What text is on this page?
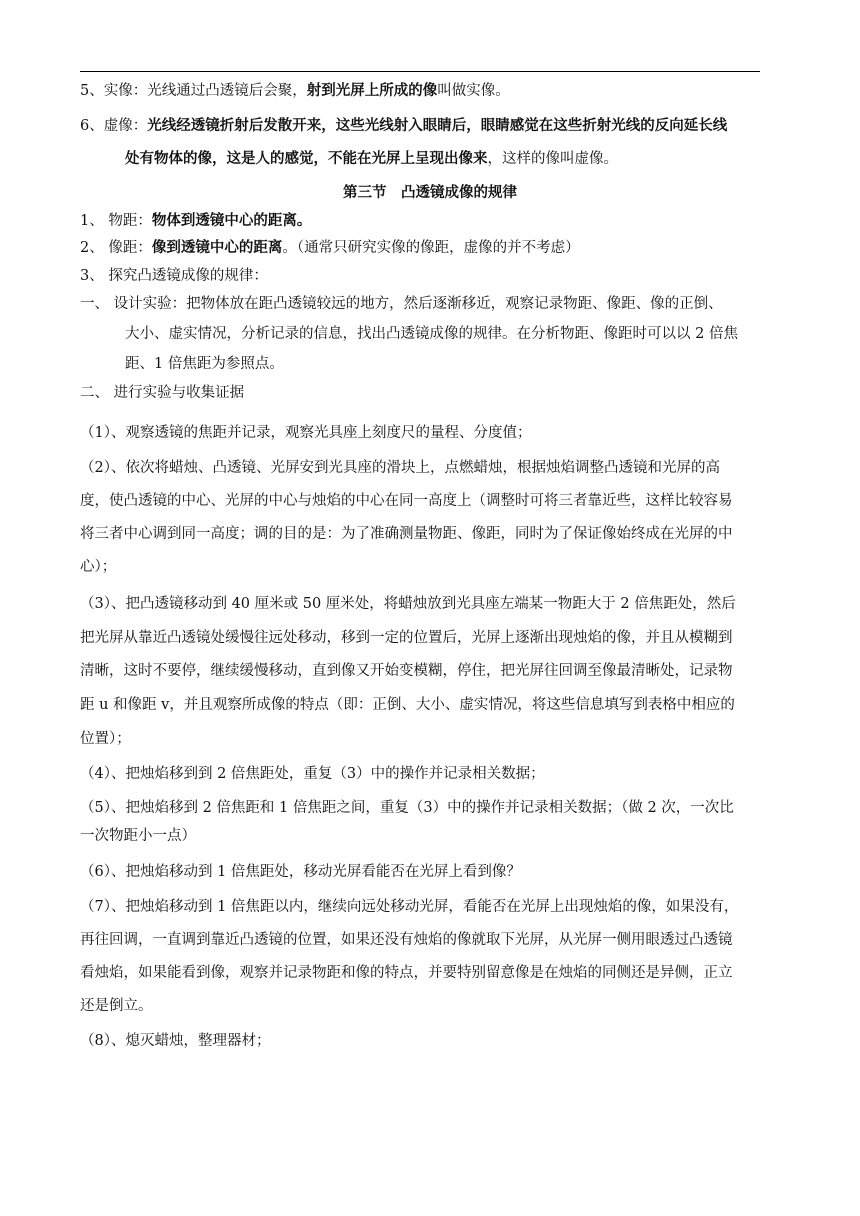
5、实像：光线通过凸透镜后会聚，射到光屏上所成的像叫做实像。
6、虚像：光线经透镜折射后发散开来，这些光线射入眼睛后，眼睛感觉在这些折射光线的反向延长线
处有物体的像，这是人的感觉，不能在光屏上呈现出像来，这样的像叫虚像。
第三节　凸透镜成像的规律
1、 物距：物体到透镜中心的距离。
2、 像距：像到透镜中心的距离。（通常只研究实像的像距，虚像的并不考虑）
3、 探究凸透镜成像的规律：
一、 设计实验：把物体放在距凸透镜较远的地方，然后逐渐移近，观察记录物距、像距、像的正倒、
大小、虚实情况，分析记录的信息，找出凸透镜成像的规律。在分析物距、像距时可以以 2 倍焦
距、1 倍焦距为参照点。
二、 进行实验与收集证据
（1）、观察透镜的焦距并记录，观察光具座上刻度尺的量程、分度值；
（2）、依次将蜡烛、凸透镜、光屏安到光具座的滑块上，点燃蜡烛，根据烛焰调整凸透镜和光屏的高
度，使凸透镜的中心、光屏的中心与烛焰的中心在同一高度上（调整时可将三者靠近些，这样比较容易
将三者中心调到同一高度；调的目的是：为了准确测量物距、像距，同时为了保证像始终成在光屏的中
心）；
（3）、把凸透镜移动到 40 厘米或 50 厘米处，将蜡烛放到光具座左端某一物距大于 2 倍焦距处，然后
把光屏从靠近凸透镜处缓慢往远处移动，移到一定的位置后，光屏上逐渐出现烛焰的像，并且从模糊到
清晰，这时不要停，继续缓慢移动，直到像又开始变模糊，停住，把光屏往回调至像最清晰处，记录物
距 u 和像距 v，并且观察所成像的特点（即：正倒、大小、虚实情况，将这些信息填写到表格中相应的
位置）；
（4）、把烛焰移到到 2 倍焦距处，重复（3）中的操作并记录相关数据；
（5）、把烛焰移到 2 倍焦距和 1 倍焦距之间，重复（3）中的操作并记录相关数据；（做 2 次，一次比
一次物距小一点）
（6）、把烛焰移动到 1 倍焦距处，移动光屏看能否在光屏上看到像？
（7）、把烛焰移动到 1 倍焦距以内，继续向远处移动光屏，看能否在光屏上出现烛焰的像，如果没有，
再往回调，一直调到靠近凸透镜的位置，如果还没有烛焰的像就取下光屏，从光屏一侧用眼透过凸透镜
看烛焰，如果能看到像，观察并记录物距和像的特点，并要特别留意像是在烛焰的同侧还是异侧，正立
还是倒立。
（8）、熄灭蜡烛，整理器材；
